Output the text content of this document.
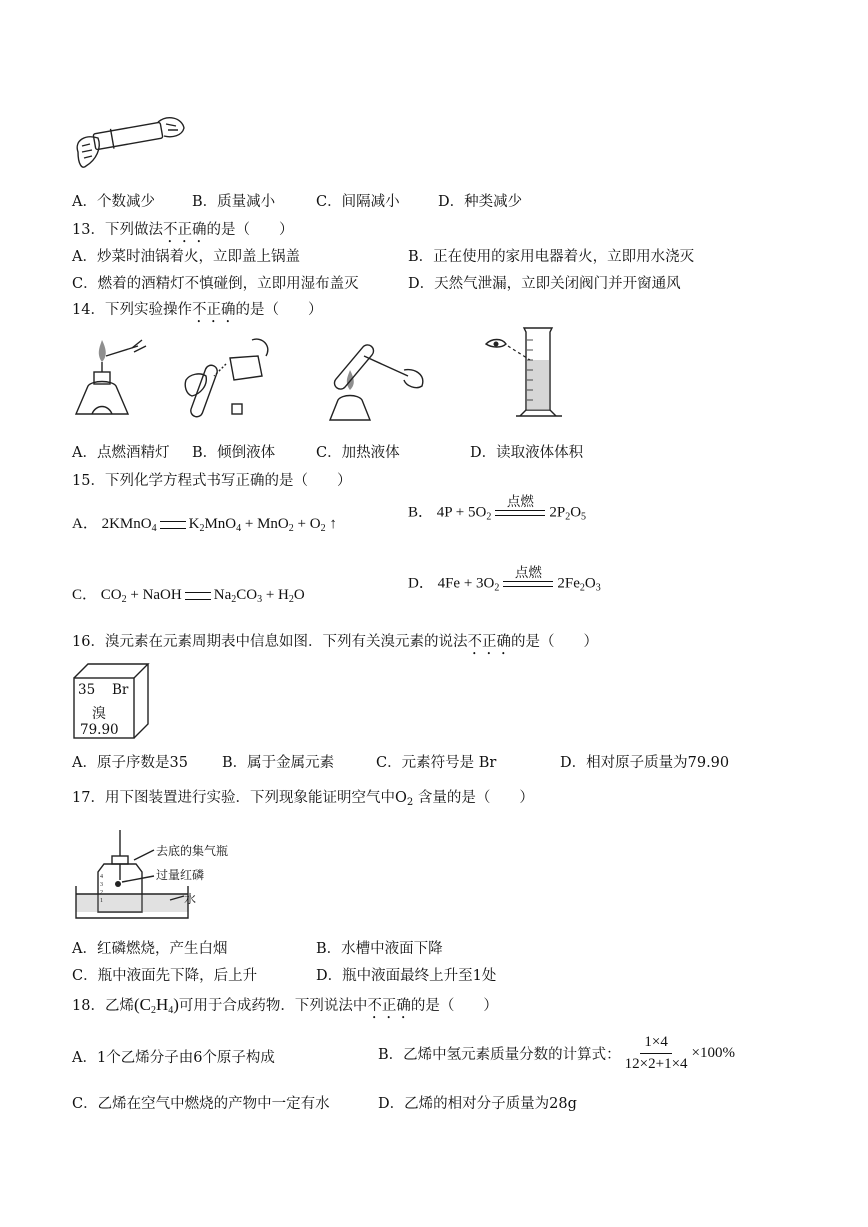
A．个数减少	B．质量减小	C．间隔减小	D．种类减少
13．下列做法不正确的是（　　）
A．炒菜时油锅着火，立即盖上锅盖	B．正在使用的家用电器着火，立即用水浇灭
C．燃着的酒精灯不慎碰倒，立即用湿布盖灭	D．天然气泄漏，立即关闭阀门并开窗通风
14．下列实验操作不正确的是（　　）
A．点燃酒精灯 B．倾倒液体	C．加热液体	D．读取液体体积
15．下列化学方程式书写正确的是（　　）
A． 2KMnO$_4$ $K_2MnO_4 + MnO_2 + O_2$ ↑
B． $4P + 5O_2$
点燃
$2P_2O_5$
C． $CO_2$ + NaOH $Na_2CO_3 + H_2O$
D． $4Fe + 3O_2$
点燃
$2Fe_2O_3$
16．溴元素在元素周期表中信息如图．下列有关溴元素的说法不正确的是（　　）
35 Br
溴
79.90
A．原子序数是35 B．属于金属元素	C．元素符号是 Br	D．相对原子质量为79.90
17．用下图装置进行实验．下列现象能证明空气中$O_2$ 含量的是（　　）
4
3
2
1
去底的集气瓶
过量红磷
水
A．红磷燃烧，产生白烟	B．水槽中液面下降
C．瓶中液面先下降，后上升	D．瓶中液面最终上升至1处
18．乙烯$(C_2H_4)$可用于合成药物．下列说法中不正确的是（　　）
A．1个乙烯分子由6个原子构成	B．乙烯中氢元素质量分数的计算式： $\frac{1\times 4}{12\times 2+1\times 4} \times 100\%$
C．乙烯在空气中燃烧的产物中一定有水	D．乙烯的相对分子质量为28g
